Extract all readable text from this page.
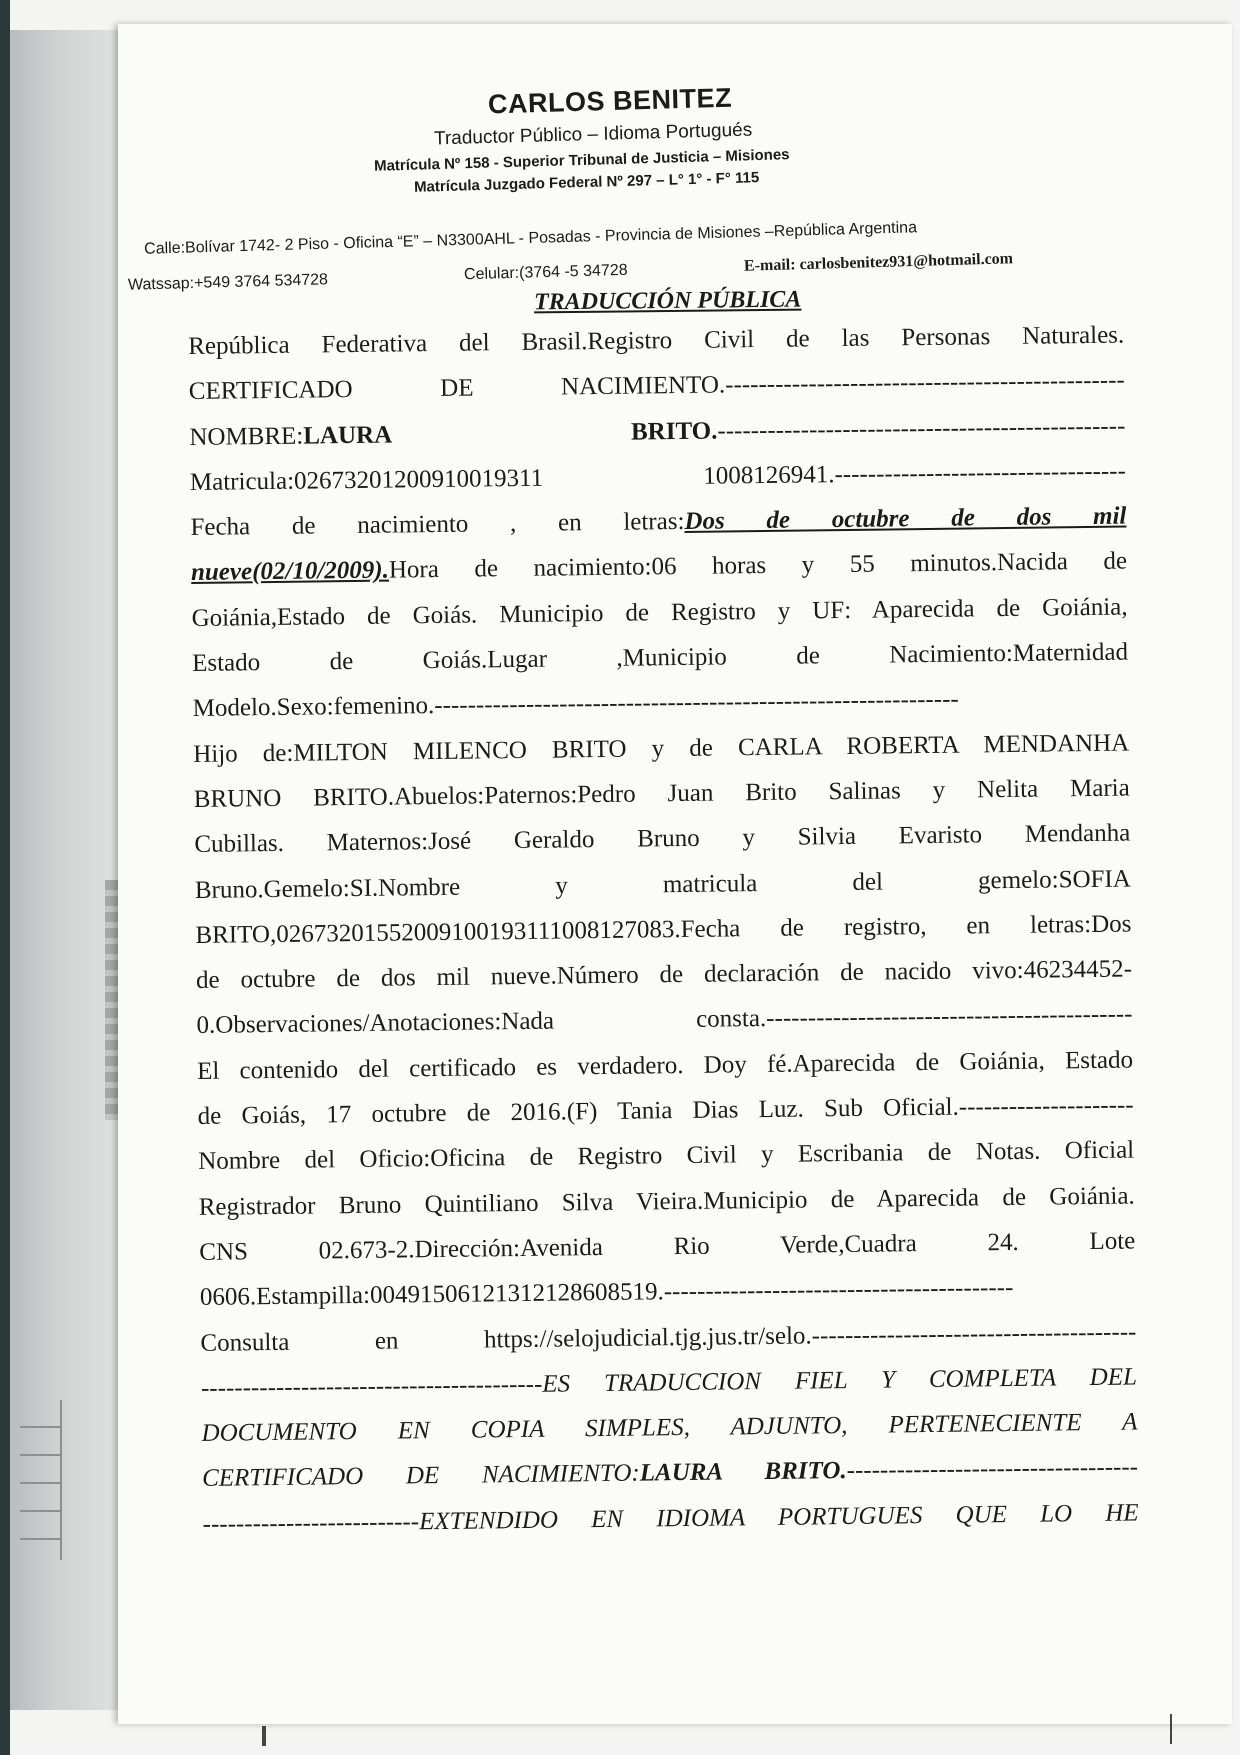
CARLOS BENITEZ
Traductor Público – Idioma Portugués
Matrícula Nº 158 - Superior Tribunal de Justicia – Misiones
Matrícula Juzgado Federal Nº 297 – L° 1° - F° 115
Calle:Bolívar 1742- 2 Piso - Oficina “E” – N3300AHL - Posadas - Provincia de Misiones –República Argentina
Watssap:+549 3764 534728	Celular:(3764 -5 34728	E-mail: carlosbenitez931@hotmail.com
TRADUCCIÓN PÚBLICA
República Federativa del Brasil.Registro Civil de las Personas Naturales.
CERTIFICADO DE NACIMIENTO.------------------------------------------------
NOMBRE:LAURA BRITO.-------------------------------------------------
Matricula:02673201200910019311 1008126941.-----------------------------------
Fecha de nacimiento , en letras:Dos de octubre de dos mil
nueve(02/10/2009).Hora de nacimiento:06 horas y 55 minutos.Nacida de
Goiánia,Estado de Goiás. Municipio de Registro y UF: Aparecida de Goiánia,
Estado de Goiás.Lugar ,Municipio de Nacimiento:Maternidad
Modelo.Sexo:femenino.---------------------------------------------------------------
Hijo de:MILTON MILENCO BRITO y de CARLA ROBERTA MENDANHA
BRUNO BRITO.Abuelos:Paternos:Pedro Juan Brito Salinas y Nelita Maria
Cubillas. Maternos:José Geraldo Bruno y Silvia Evaristo Mendanha
Bruno.Gemelo:SI.Nombre y matricula del gemelo:SOFIA
BRITO,02673201552009100193111008127083.Fecha de registro, en letras:Dos
de octubre de dos mil nueve.Número de declaración de nacido vivo:46234452-
0.Observaciones/Anotaciones:Nada consta.--------------------------------------------
El contenido del certificado es verdadero. Doy fé.Aparecida de Goiánia, Estado
de Goiás, 17 octubre de 2016.(F) Tania Dias Luz. Sub Oficial.---------------------
Nombre del Oficio:Oficina de Registro Civil y Escribania de Notas. Oficial
Registrador Bruno Quintiliano Silva Vieira.Municipio de Aparecida de Goiánia.
CNS 02.673-2.Dirección:Avenida Rio Verde,Cuadra 24. Lote
0606.Estampilla:00491506121312128608519.------------------------------------------
Consulta en https://selojudicial.tjg.jus.tr/selo.---------------------------------------
-----------------------------------------ES TRADUCCION FIEL Y COMPLETA DEL
DOCUMENTO EN COPIA SIMPLES, ADJUNTO, PERTENECIENTE A
CERTIFICADO DE NACIMIENTO:LAURA BRITO.-----------------------------------
--------------------------EXTENDIDO EN IDIOMA PORTUGUES QUE LO HE
